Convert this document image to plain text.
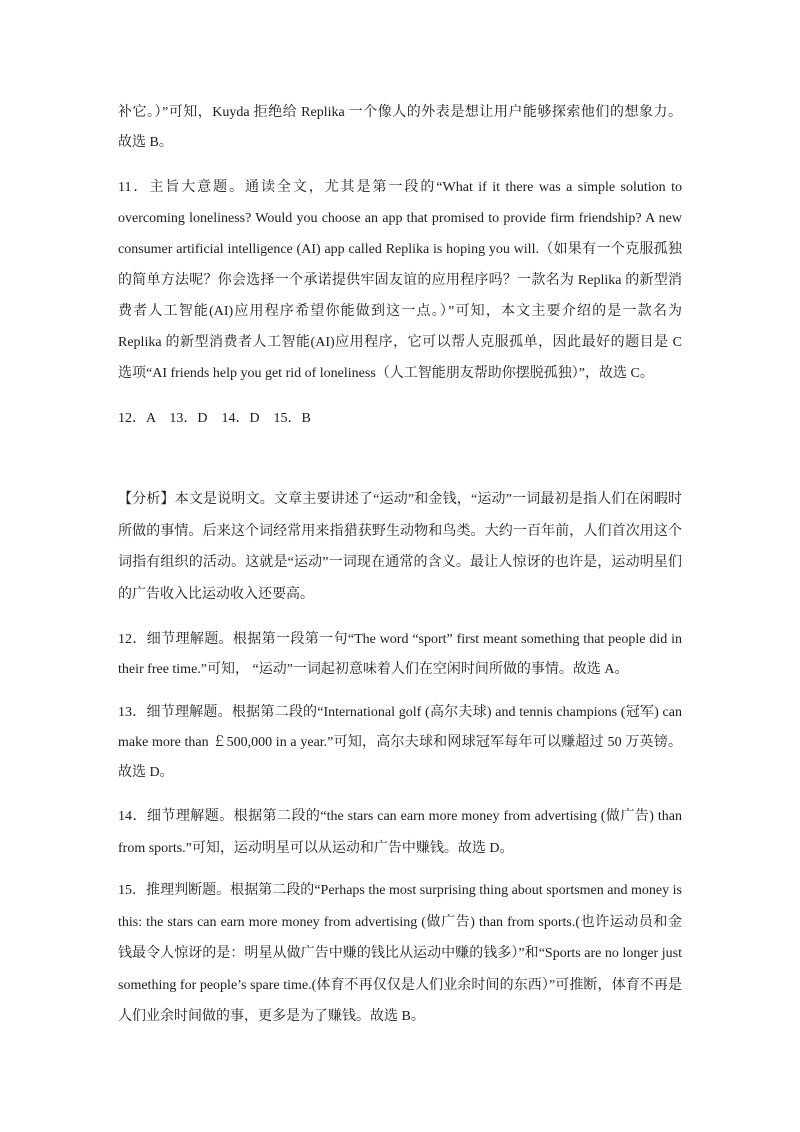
补它。）”可知，Kuyda 拒绝给 Replika 一个像人的外表是想让用户能够探索他们的想象力。
故选 B。
11．主旨大意题。通读全文，尤其是第一段的“What if it there was a simple solution to
overcoming loneliness? Would you choose an app that promised to provide firm friendship? A new
consumer artificial intelligence (AI) app called Replika is hoping you will.（如果有一个克服孤独
的简单方法呢？你会选择一个承诺提供牢固友谊的应用程序吗？一款名为 Replika 的新型消
费者人工智能(AI)应用程序希望你能做到这一点。）”可知，本文主要介绍的是一款名为
Replika 的新型消费者人工智能(AI)应用程序，它可以帮人克服孤单，因此最好的题目是 C
选项“AI friends help you get rid of loneliness（人工智能朋友帮助你摆脱孤独）”，故选 C。
12．A　13．D　14．D　15．B
【分析】本文是说明文。文章主要讲述了“运动”和金钱，“运动”一词最初是指人们在闲暇时
所做的事情。后来这个词经常用来指猎获野生动物和鸟类。大约一百年前，人们首次用这个
词指有组织的活动。这就是“运动”一词现在通常的含义。最让人惊讶的也许是，运动明星们
的广告收入比运动收入还要高。
12．细节理解题。根据第一段第一句“The word “sport” first meant something that people did in
their free time.”可知， “运动”一词起初意味着人们在空闲时间所做的事情。故选 A。
13．细节理解题。根据第二段的“International golf (高尔夫球) and tennis champions (冠军) can
make more than ￡500,000 in a year.”可知，高尔夫球和网球冠军每年可以赚超过 50 万英镑。
故选 D。
14．细节理解题。根据第二段的“the stars can earn more money from advertising (做广告) than
from sports.”可知，运动明星可以从运动和广告中赚钱。故选 D。
15．推理判断题。根据第二段的“Perhaps the most surprising thing about sportsmen and money is
this: the stars can earn more money from advertising (做广告) than from sports.(也许运动员和金
钱最令人惊讶的是：明星从做广告中赚的钱比从运动中赚的钱多）”和“Sports are no longer just
something for people’s spare time.(体育不再仅仅是人们业余时间的东西）”可推断，体育不再是
人们业余时间做的事，更多是为了赚钱。故选 B。
